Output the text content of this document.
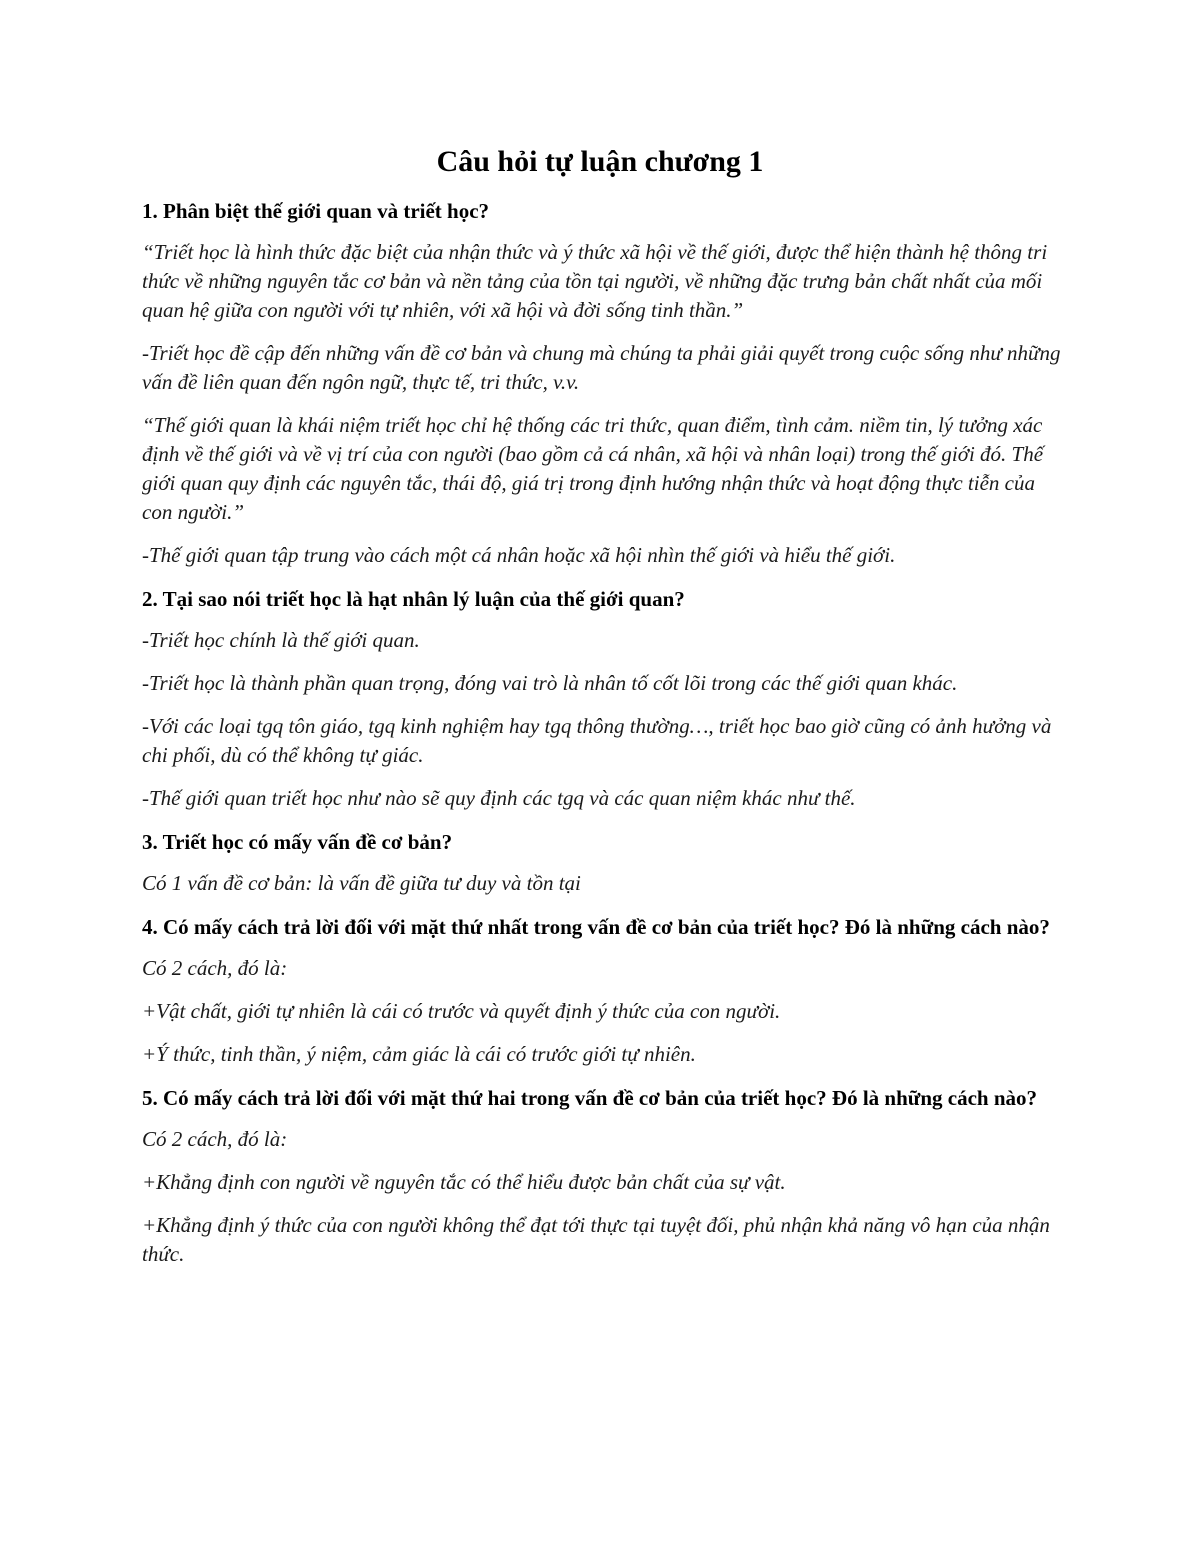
Câu hỏi tự luận chương 1

1. Phân biệt thế giới quan và triết học?

“Triết học là hình thức đặc biệt của nhận thức và ý thức xã hội về thế giới, được thể hiện thành hệ thông tri thức về những nguyên tắc cơ bản và nền tảng của tồn tại người, về những đặc trưng bản chất nhất của mối quan hệ giữa con người với tự nhiên, với xã hội và đời sống tinh thần.”

-Triết học đề cập đến những vấn đề cơ bản và chung mà chúng ta phải giải quyết trong cuộc sống như những vấn đề liên quan đến ngôn ngữ, thực tế, tri thức, v.v.

“Thế giới quan là khái niệm triết học chỉ hệ thống các tri thức, quan điểm, tình cảm. niềm tin, lý tưởng xác định về thế giới và về vị trí của con người (bao gồm cả cá nhân, xã hội và nhân loại) trong thế giới đó. Thế giới quan quy định các nguyên tắc, thái độ, giá trị trong định hướng nhận thức và hoạt động thực tiễn của con người.”

-Thế giới quan tập trung vào cách một cá nhân hoặc xã hội nhìn thế giới và hiểu thế giới.

2. Tại sao nói triết học là hạt nhân lý luận của thế giới quan?

-Triết học chính là thế giới quan.

-Triết học là thành phần quan trọng, đóng vai trò là nhân tố cốt lõi trong các thế giới quan khác.

-Với các loại tgq tôn giáo, tgq kinh nghiệm hay tgq thông thường…, triết học bao giờ cũng có ảnh hưởng và chi phối, dù có thể không tự giác.

-Thế giới quan triết học như nào sẽ quy định các tgq và các quan niệm khác như thế.

3. Triết học có mấy vấn đề cơ bản?

Có 1 vấn đề cơ bản: là vấn đề giữa tư duy và tồn tại

4. Có mấy cách trả lời đối với mặt thứ nhất trong vấn đề cơ bản của triết học? Đó là những cách nào?

Có 2 cách, đó là:

+Vật chất, giới tự nhiên là cái có trước và quyết định ý thức của con người.

+Ý thức, tinh thần, ý niệm, cảm giác là cái có trước giới tự nhiên.

5. Có mấy cách trả lời đối với mặt thứ hai trong vấn đề cơ bản của triết học? Đó là những cách nào?

Có 2 cách, đó là:

+Khẳng định con người về nguyên tắc có thể hiểu được bản chất của sự vật.

+Khẳng định ý thức của con người không thể đạt tới thực tại tuyệt đối, phủ nhận khả năng vô hạn của nhận thức.
